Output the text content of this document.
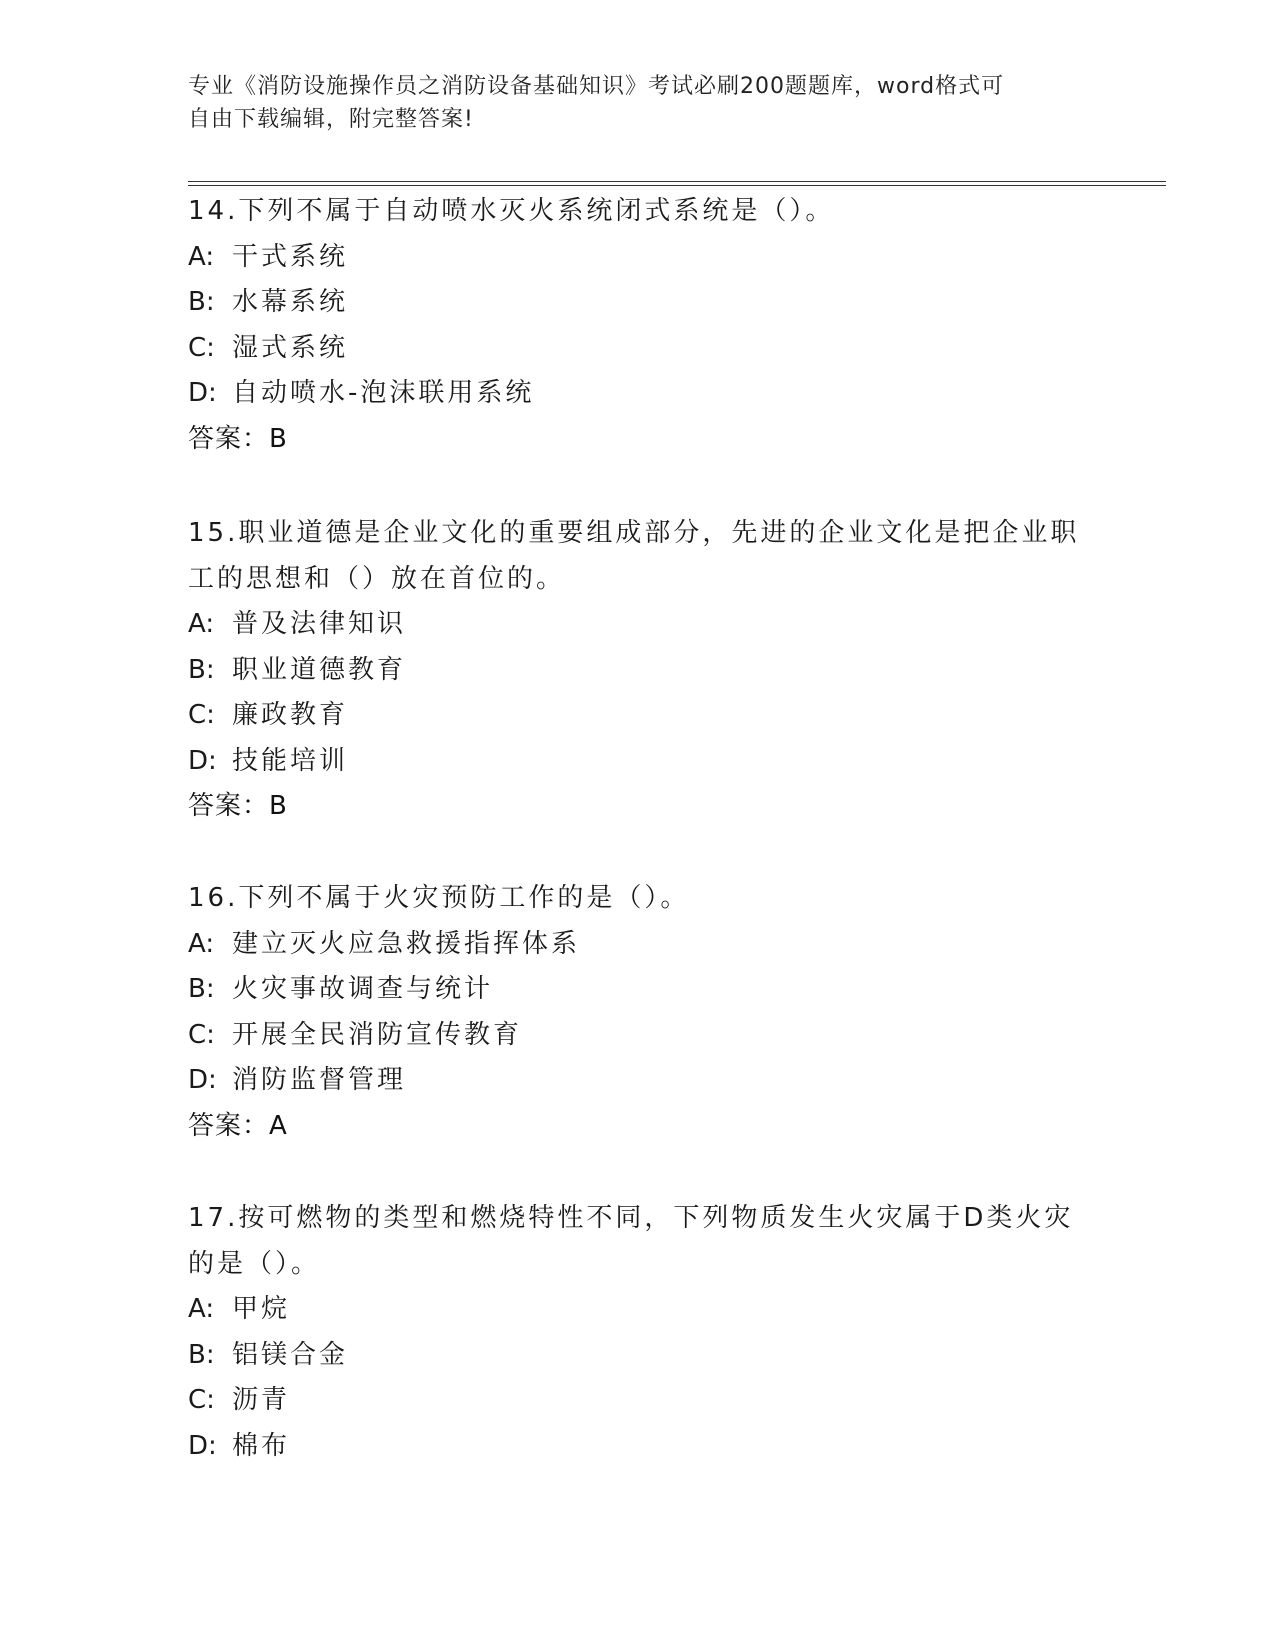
专业《消防设施操作员之消防设备基础知识》考试必刷200题题库，word格式可
自由下载编辑，附完整答案!

14.下列不属于自动喷水灭火系统闭式系统是（）。

A: 干式系统

B: 水幕系统

C: 湿式系统

D: 自动喷水-泡沫联用系统

答案：B

15.职业道德是企业文化的重要组成部分，先进的企业文化是把企业职工的思想和（）放在首位的。

A: 普及法律知识

B: 职业道德教育

C: 廉政教育

D: 技能培训

答案：B

16.下列不属于火灾预防工作的是（）。

A: 建立灭火应急救援指挥体系

B: 火灾事故调查与统计

C: 开展全民消防宣传教育

D: 消防监督管理

答案：A

17.按可燃物的类型和燃烧特性不同，下列物质发生火灾属于D类火灾的是（）。

A: 甲烷

B: 铝镁合金

C: 沥青

D: 棉布
